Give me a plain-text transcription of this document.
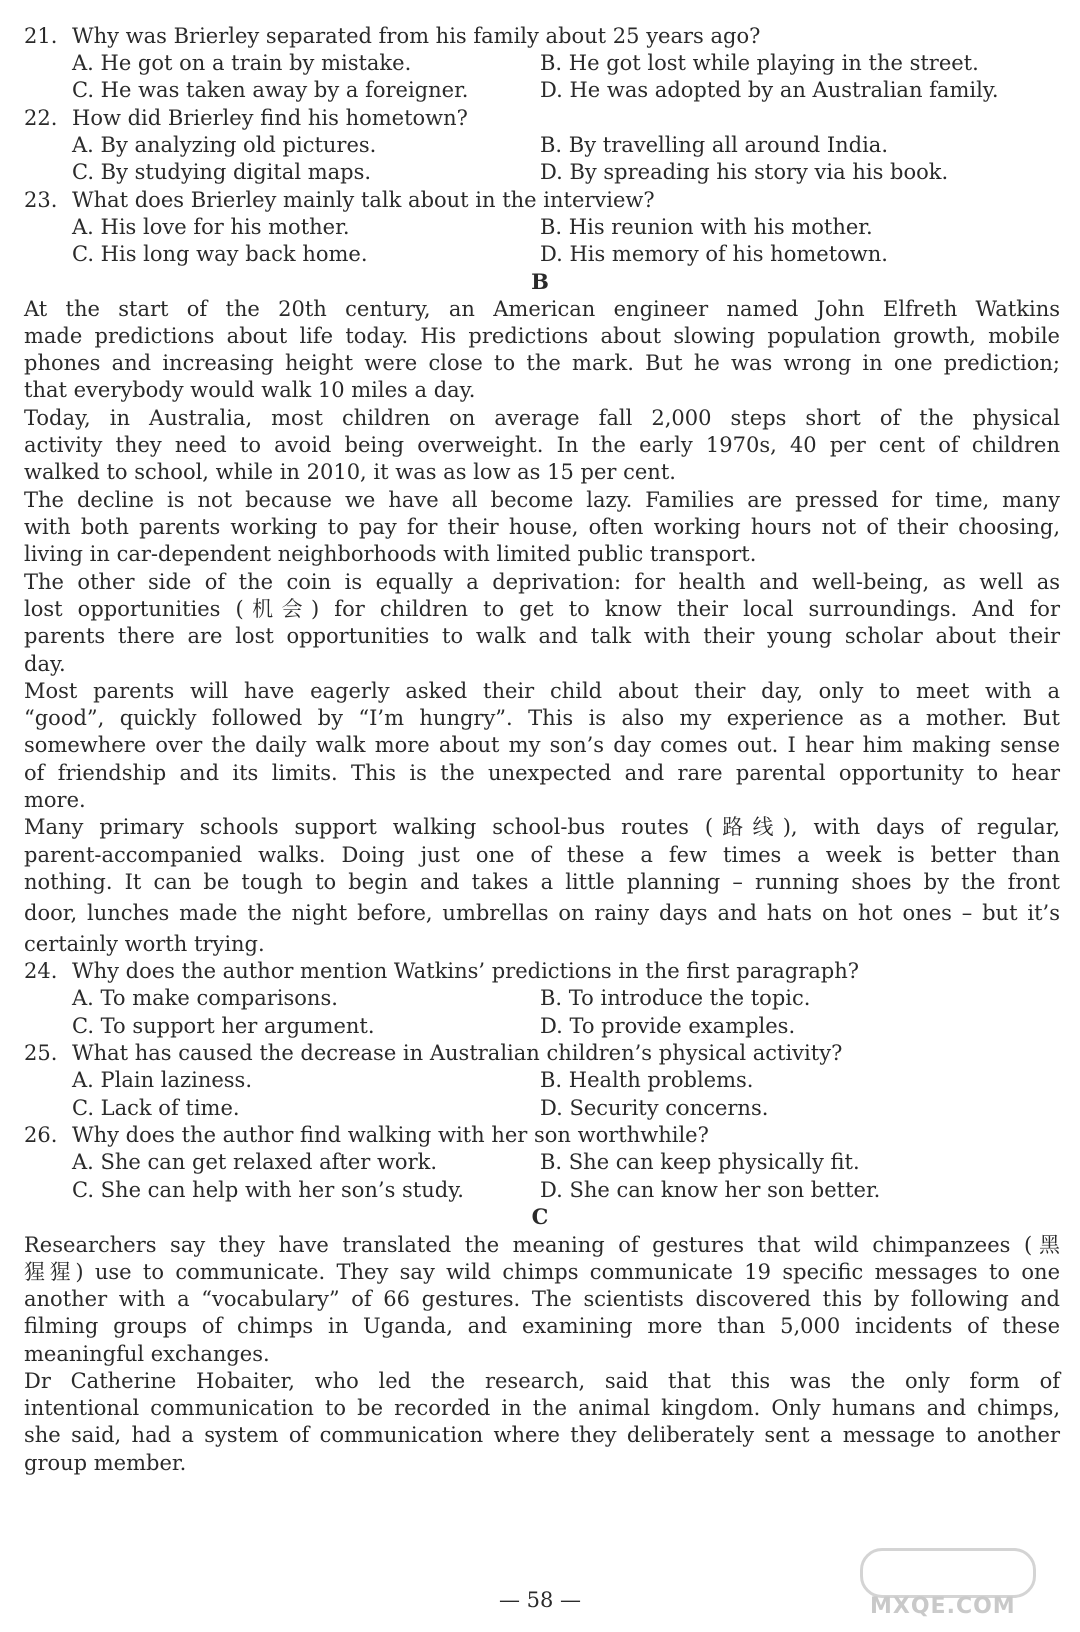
21. Why was Brierley separated from his family about 25 years ago?
A. He got on a train by mistake.	B. He got lost while playing in the street.
C. He was taken away by a foreigner.	D. He was adopted by an Australian family.
22. How did Brierley find his hometown?
A. By analyzing old pictures.	B. By travelling all around India.
C. By studying digital maps.	D. By spreading his story via his book.
23. What does Brierley mainly talk about in the interview?
A. His love for his mother.	B. His reunion with his mother.
C. His long way back home.	D. His memory of his hometown.
B
At the start of the 20th century, an American engineer named John Elfreth Watkins
made predictions about life today. His predictions about slowing population growth, mobile
phones and increasing height were close to the mark. But he was wrong in one prediction;
that everybody would walk 10 miles a day.
Today, in Australia, most children on average fall 2,000 steps short of the physical
activity they need to avoid being overweight. In the early 1970s, 40 per cent of children
walked to school, while in 2010, it was as low as 15 per cent.
The decline is not because we have all become lazy. Families are pressed for time, many
with both parents working to pay for their house, often working hours not of their choosing,
living in car-dependent neighborhoods with limited public transport.
The other side of the coin is equally a deprivation: for health and well-being, as well as
lost opportunities (机会) for children to get to know their local surroundings. And for
parents there are lost opportunities to walk and talk with their young scholar about their
day.
Most parents will have eagerly asked their child about their day, only to meet with a
“good”, quickly followed by “I’m hungry”. This is also my experience as a mother. But
somewhere over the daily walk more about my son’s day comes out. I hear him making sense
of friendship and its limits. This is the unexpected and rare parental opportunity to hear
more.
Many primary schools support walking school-bus routes (路线), with days of regular,
parent-accompanied walks. Doing just one of these a few times a week is better than
nothing. It can be tough to begin and takes a little planning – running shoes by the front
door, lunches made the night before, umbrellas on rainy days and hats on hot ones – but it’s
certainly worth trying.
24. Why does the author mention Watkins’ predictions in the first paragraph?
A. To make comparisons.	B. To introduce the topic.
C. To support her argument.	D. To provide examples.
25. What has caused the decrease in Australian children’s physical activity?
A. Plain laziness.	B. Health problems.
C. Lack of time.	D. Security concerns.
26. Why does the author find walking with her son worthwhile?
A. She can get relaxed after work.	B. She can keep physically fit.
C. She can help with her son’s study.	D. She can know her son better.
C
Researchers say they have translated the meaning of gestures that wild chimpanzees (黑
猩猩) use to communicate. They say wild chimps communicate 19 specific messages to one
another with a “vocabulary” of 66 gestures. The scientists discovered this by following and
filming groups of chimps in Uganda, and examining more than 5,000 incidents of these
meaningful exchanges.
Dr Catherine Hobaiter, who led the research, said that this was the only form of
intentional communication to be recorded in the animal kingdom. Only humans and chimps,
she said, had a system of communication where they deliberately sent a message to another
group member.
— 58 —	MXQE.COM
